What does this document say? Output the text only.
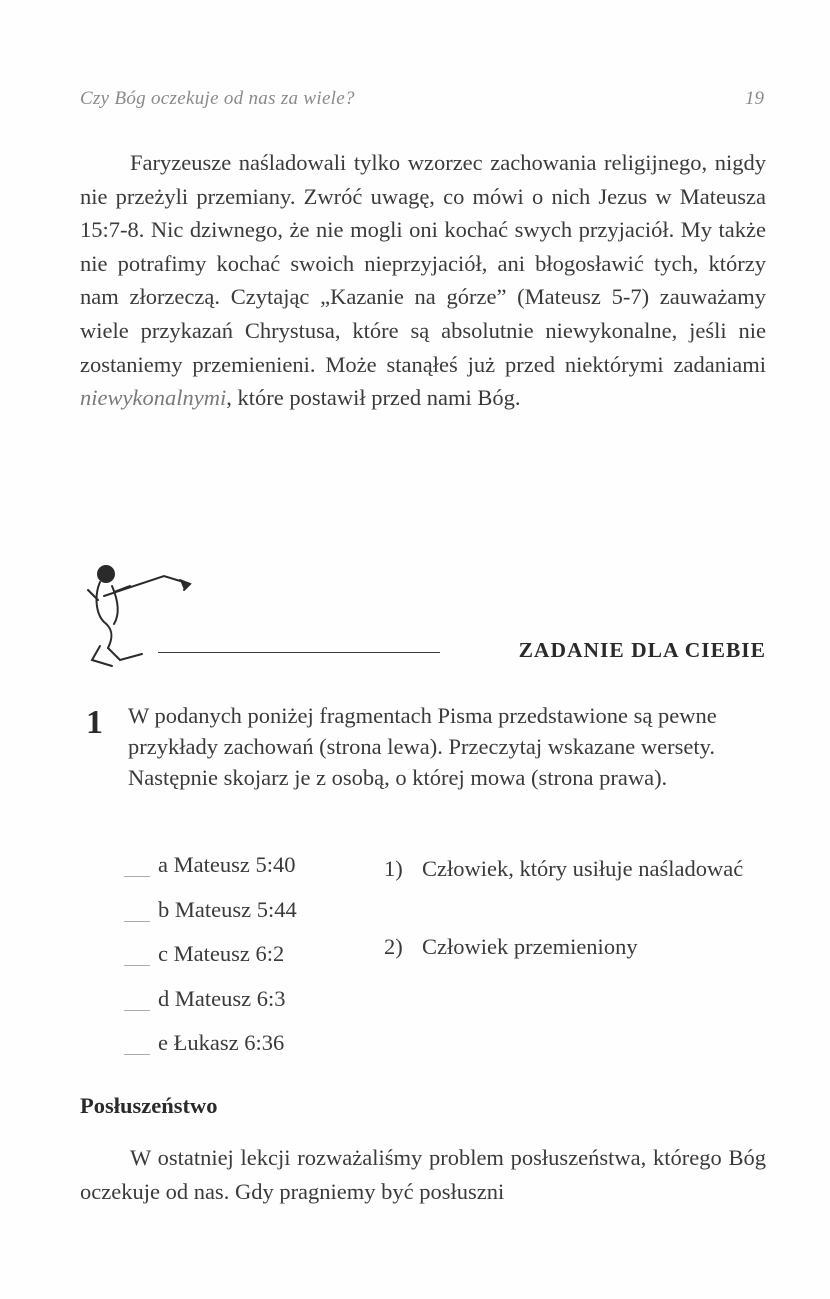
Czy Bóg oczekuje od nas za wiele?	19
Faryzeusze naśladowali tylko wzorzec zachowania religijnego, nigdy nie przeżyli przemiany. Zwróć uwagę, co mówi o nich Jezus w Mateusza 15:7-8. Nic dziwnego, że nie mogli oni kochać swych przyjaciół. My także nie potrafimy kochać swoich nieprzyjaciół, ani błogosławić tych, którzy nam złorzeczą. Czytając „Kazanie na górze” (Mateusz 5-7) zauważamy wiele przykazań Chrystusa, które są absolutnie niewykonalne, jeśli nie zostaniemy przemienieni. Może stanąłeś już przed niektórymi zadaniami niewykonalnymi, które postawił przed nami Bóg.
ZADANIE DLA CIEBIE
1 W podanych poniżej fragmentach Pisma przedstawione są pewne przykłady zachowań (strona lewa). Przeczytaj wskazane wersety. Następnie skojarz je z osobą, o której mowa (strona prawa).
a Mateusz 5:40
b Mateusz 5:44
c Mateusz 6:2
d Mateusz 6:3
e Łukasz 6:36
1) Człowiek, który usiłuje naśladować
2) Człowiek przemieniony
Posłuszeństwo
W ostatniej lekcji rozważaliśmy problem posłuszeństwa, którego Bóg oczekuje od nas. Gdy pragniemy być posłuszni
